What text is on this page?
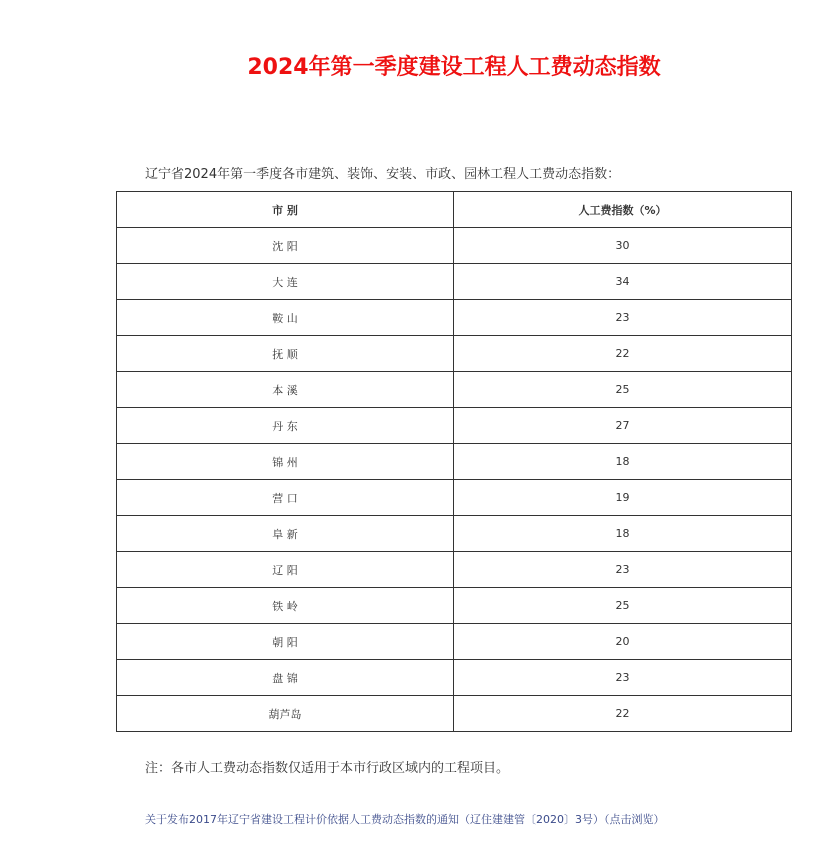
2024年第一季度建设工程人工费动态指数
辽宁省2024年第一季度各市建筑、装饰、安装、市政、园林工程人工费动态指数：
市 别	人工费指数（%）
沈 阳	30
大 连	34
鞍 山	23
抚 顺	22
本 溪	25
丹 东	27
锦 州	18
营 口	19
阜 新	18
辽 阳	23
铁 岭	25
朝 阳	20
盘 锦	23
葫芦岛	22
注：各市人工费动态指数仅适用于本市行政区域内的工程项目。
关于发布2017年辽宁省建设工程计价依据人工费动态指数的通知（辽住建建管〔2020〕3号）（点击浏览）
